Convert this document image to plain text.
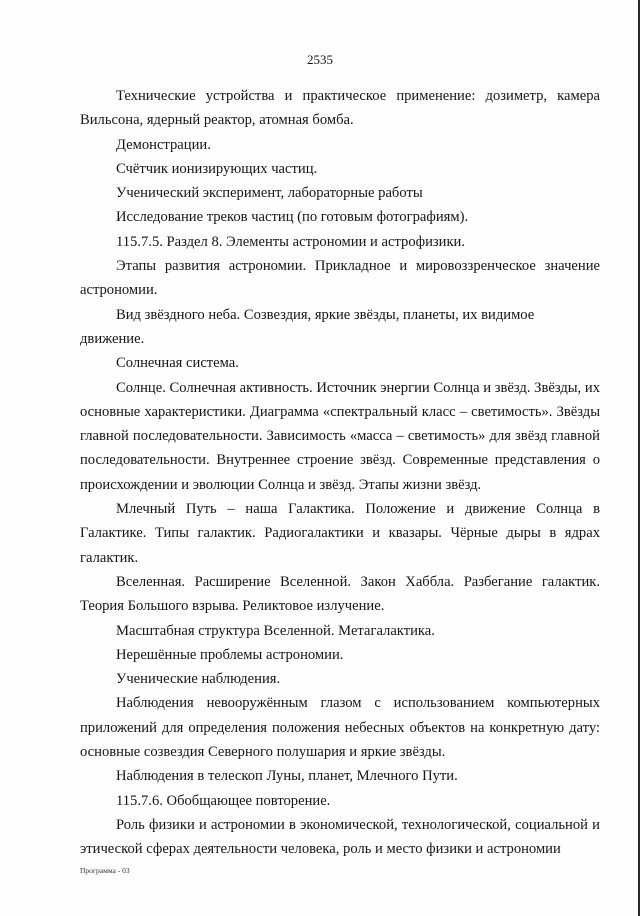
2535

Технические устройства и практическое применение: дозиметр, камера Вильсона, ядерный реактор, атомная бомба.

Демонстрации.

Счётчик ионизирующих частиц.

Ученический эксперимент, лабораторные работы

Исследование треков частиц (по готовым фотографиям).

115.7.5. Раздел 8. Элементы астрономии и астрофизики.

Этапы развития астрономии. Прикладное и мировоззренческое значение астрономии.

Вид звёздного неба. Созвездия, яркие звёзды, планеты, их видимое движение.

Солнечная система.

Солнце. Солнечная активность. Источник энергии Солнца и звёзд. Звёзды, их основные характеристики. Диаграмма «спектральный класс – светимость». Звёзды главной последовательности. Зависимость «масса – светимость» для звёзд главной последовательности. Внутреннее строение звёзд. Современные представления о происхождении и эволюции Солнца и звёзд. Этапы жизни звёзд.

Млечный Путь – наша Галактика. Положение и движение Солнца в Галактике. Типы галактик. Радиогалактики и квазары. Чёрные дыры в ядрах галактик.

Вселенная. Расширение Вселенной. Закон Хаббла. Разбегание галактик. Теория Большого взрыва. Реликтовое излучение.

Масштабная структура Вселенной. Метагалактика.

Нерешённые проблемы астрономии.

Ученические наблюдения.

Наблюдения невооружённым глазом с использованием компьютерных приложений для определения положения небесных объектов на конкретную дату: основные созвездия Северного полушария и яркие звёзды.

Наблюдения в телескоп Луны, планет, Млечного Пути.

115.7.6. Обобщающее повторение.

Роль физики и астрономии в экономической, технологической, социальной и этической сферах деятельности человека, роль и место физики и астрономии

Программа - 03
